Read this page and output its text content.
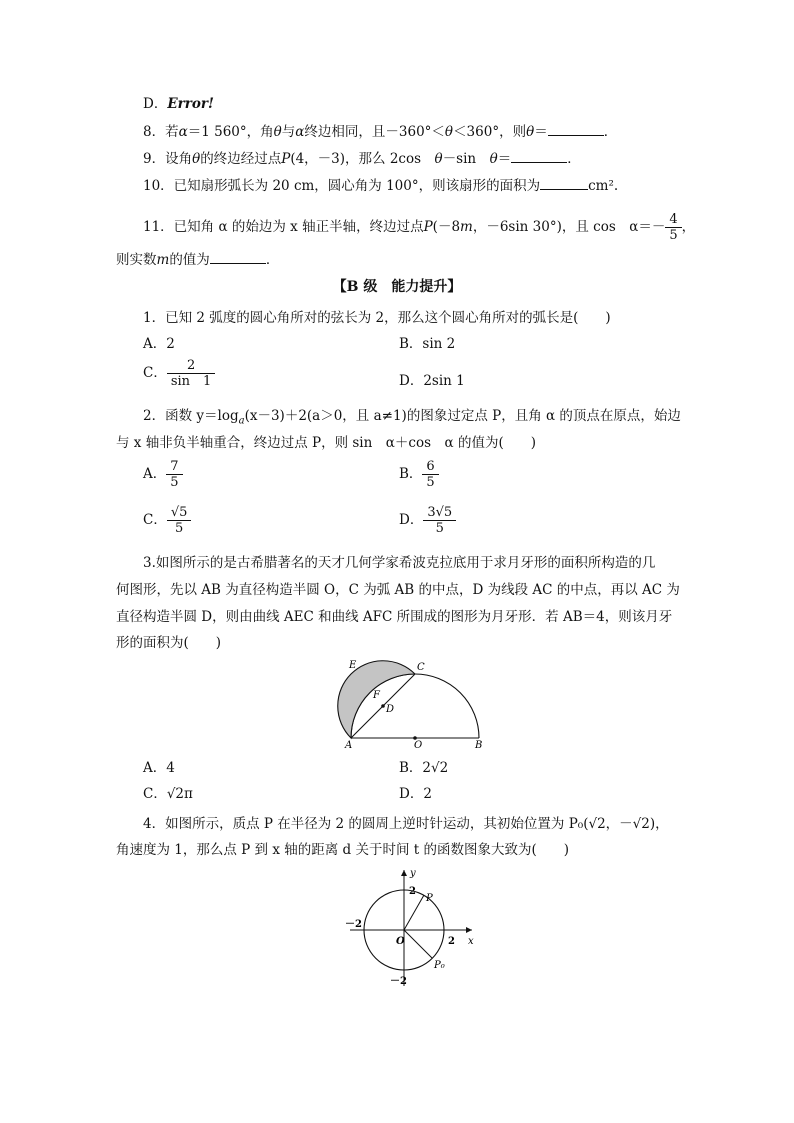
D．Error!
8．若α＝1 560°，角θ与α终边相同，且－360°＜θ＜360°，则θ＝	．
9．设角θ的终边经过点P(4，－3)，那么 2cos　θ－sin　θ＝	．
10．已知扇形弧长为 20 cm，圆心角为 100°，则该扇形的面积为	cm².
11．已知角 α 的始边为 x 轴正半轴，终边过点P(－8m，－6sin 30°)，且 cos　$\alpha=- \frac{4}{5}$ ，
则实数m的值为	．
【B 级　能力提升】
1．已知 2 弧度的圆心角所对的弦长为 2，那么这个圆心角所对的弧长是(　　)
A．2	B．sin 2
C． $\frac{2}{\sin 1}$	D．2sin 1
2．函数 $y=\log_a(x-3)+2(a>0$，且 a≠1)的图象过定点 P，且角 α 的顶点在原点，始边
与 x 轴非负半轴重合，终边过点 P，则 sin　α＋cos　α 的值为(　　)
A． $\frac{7}{5}$	B． $\frac{6}{5}$
C． $\frac{√5}{5}$	D． $\frac{3√5}{5}$
3.如图所示的是古希腊著名的天才几何学家希波克拉底用于求月牙形的面积所构造的几
何图形，先以 AB 为直径构造半圆 O，C 为弧 AB 的中点，D 为线段 AC 的中点，再以 AC 为
直径构造半圆 D，则由曲线 AEC 和曲线 AFC 所围成的图形为月牙形．若 AB＝4，则该月牙
形的面积为(　　)
E	C
F
D
A	O	B
A．4	B．2√2
C．√2π	D．2
4．如图所示，质点 P 在半径为 2 的圆周上逆时针运动，其初始位置为 P₀(√2，－√2)，
角速度为 1，那么点 P 到 x 轴的距离 d 关于时间 t 的函数图象大致为(　　)
y
x
2
P
－2
O	2
P₀
－2
